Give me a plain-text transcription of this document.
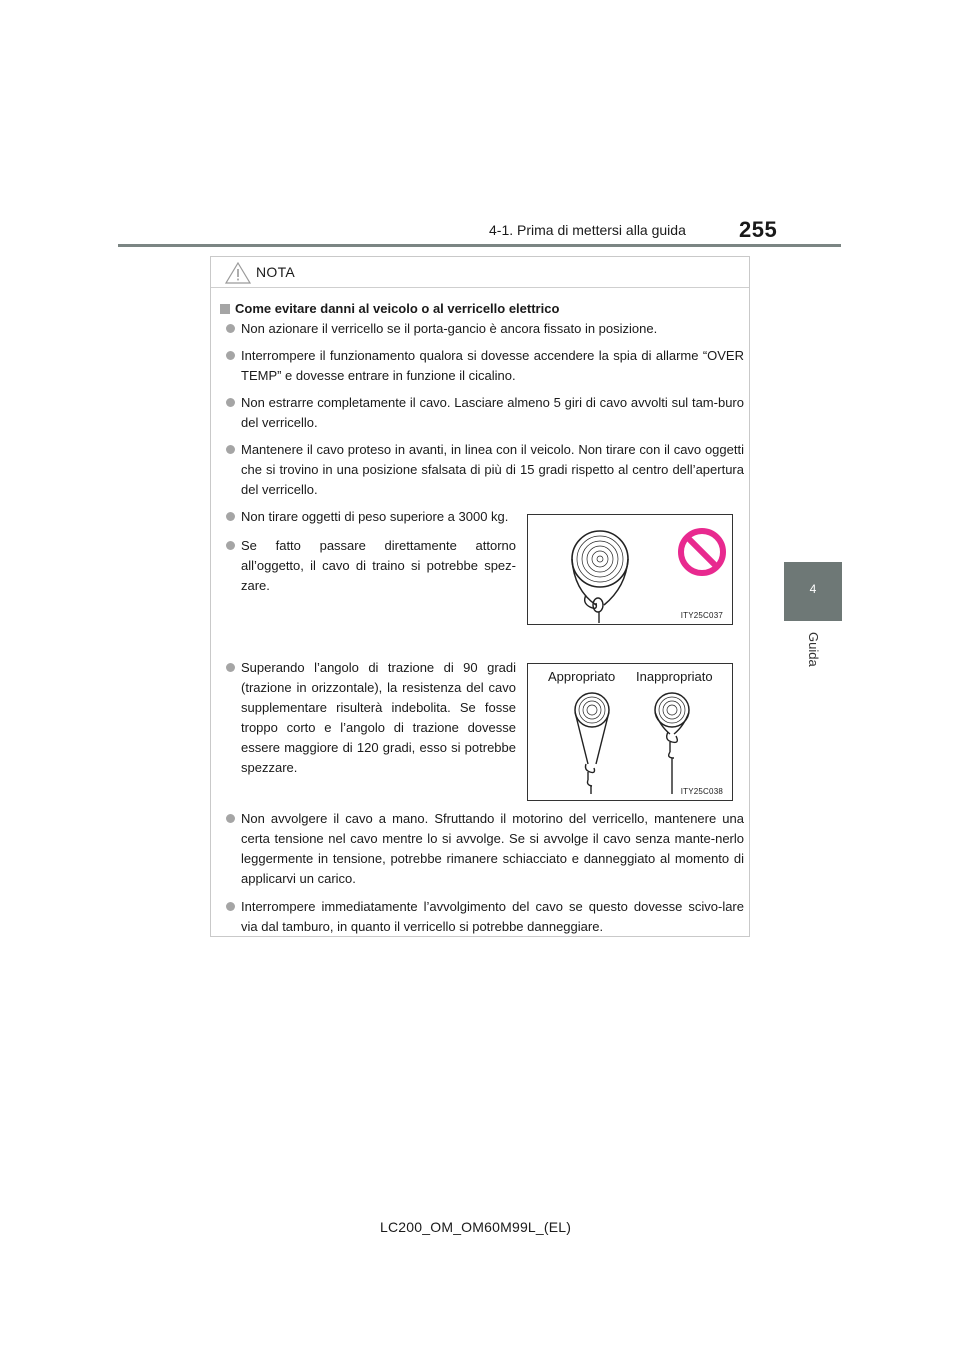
255
4-1. Prima di mettersi alla guida
4
Guida
NOTA
Come evitare danni al veicolo o al verricello elettrico
Non azionare il verricello se il porta-gancio è ancora fissato in posizione.
Interrompere il funzionamento qualora si dovesse accendere la spia di allarme “OVER TEMP” e dovesse entrare in funzione il cicalino.
Non estrarre completamente il cavo. Lasciare almeno 5 giri di cavo avvolti sul tam-buro del verricello.
Mantenere il cavo proteso in avanti, in linea con il veicolo. Non tirare con il cavo oggetti che si trovino in una posizione sfalsata di più di 15 gradi rispetto al centro dell’apertura del verricello.
Non tirare oggetti di peso superiore a 3000 kg.
Se fatto passare direttamente attorno all’oggetto, il cavo di traino si potrebbe spez-zare.
Superando l’angolo di trazione di 90 gradi (trazione in orizzontale), la resistenza del cavo supplementare risulterà indebolita. Se fosse troppo corto e l’angolo di trazione dovesse essere maggiore di 120 gradi, esso si potrebbe spezzare.
Non avvolgere il cavo a mano. Sfruttando il motorino del verricello, mantenere una certa tensione nel cavo mentre lo si avvolge. Se si avvolge il cavo senza mante-nerlo leggermente in tensione, potrebbe rimanere schiacciato e danneggiato al momento di applicarvi un carico.
Interrompere immediatamente l’avvolgimento del cavo se questo dovesse scivo-lare via dal tamburo, in quanto il verricello si potrebbe danneggiare.
ITY25C037
Appropriato Inappropriato
ITY25C038
LC200_OM_OM60M99L_(EL)
